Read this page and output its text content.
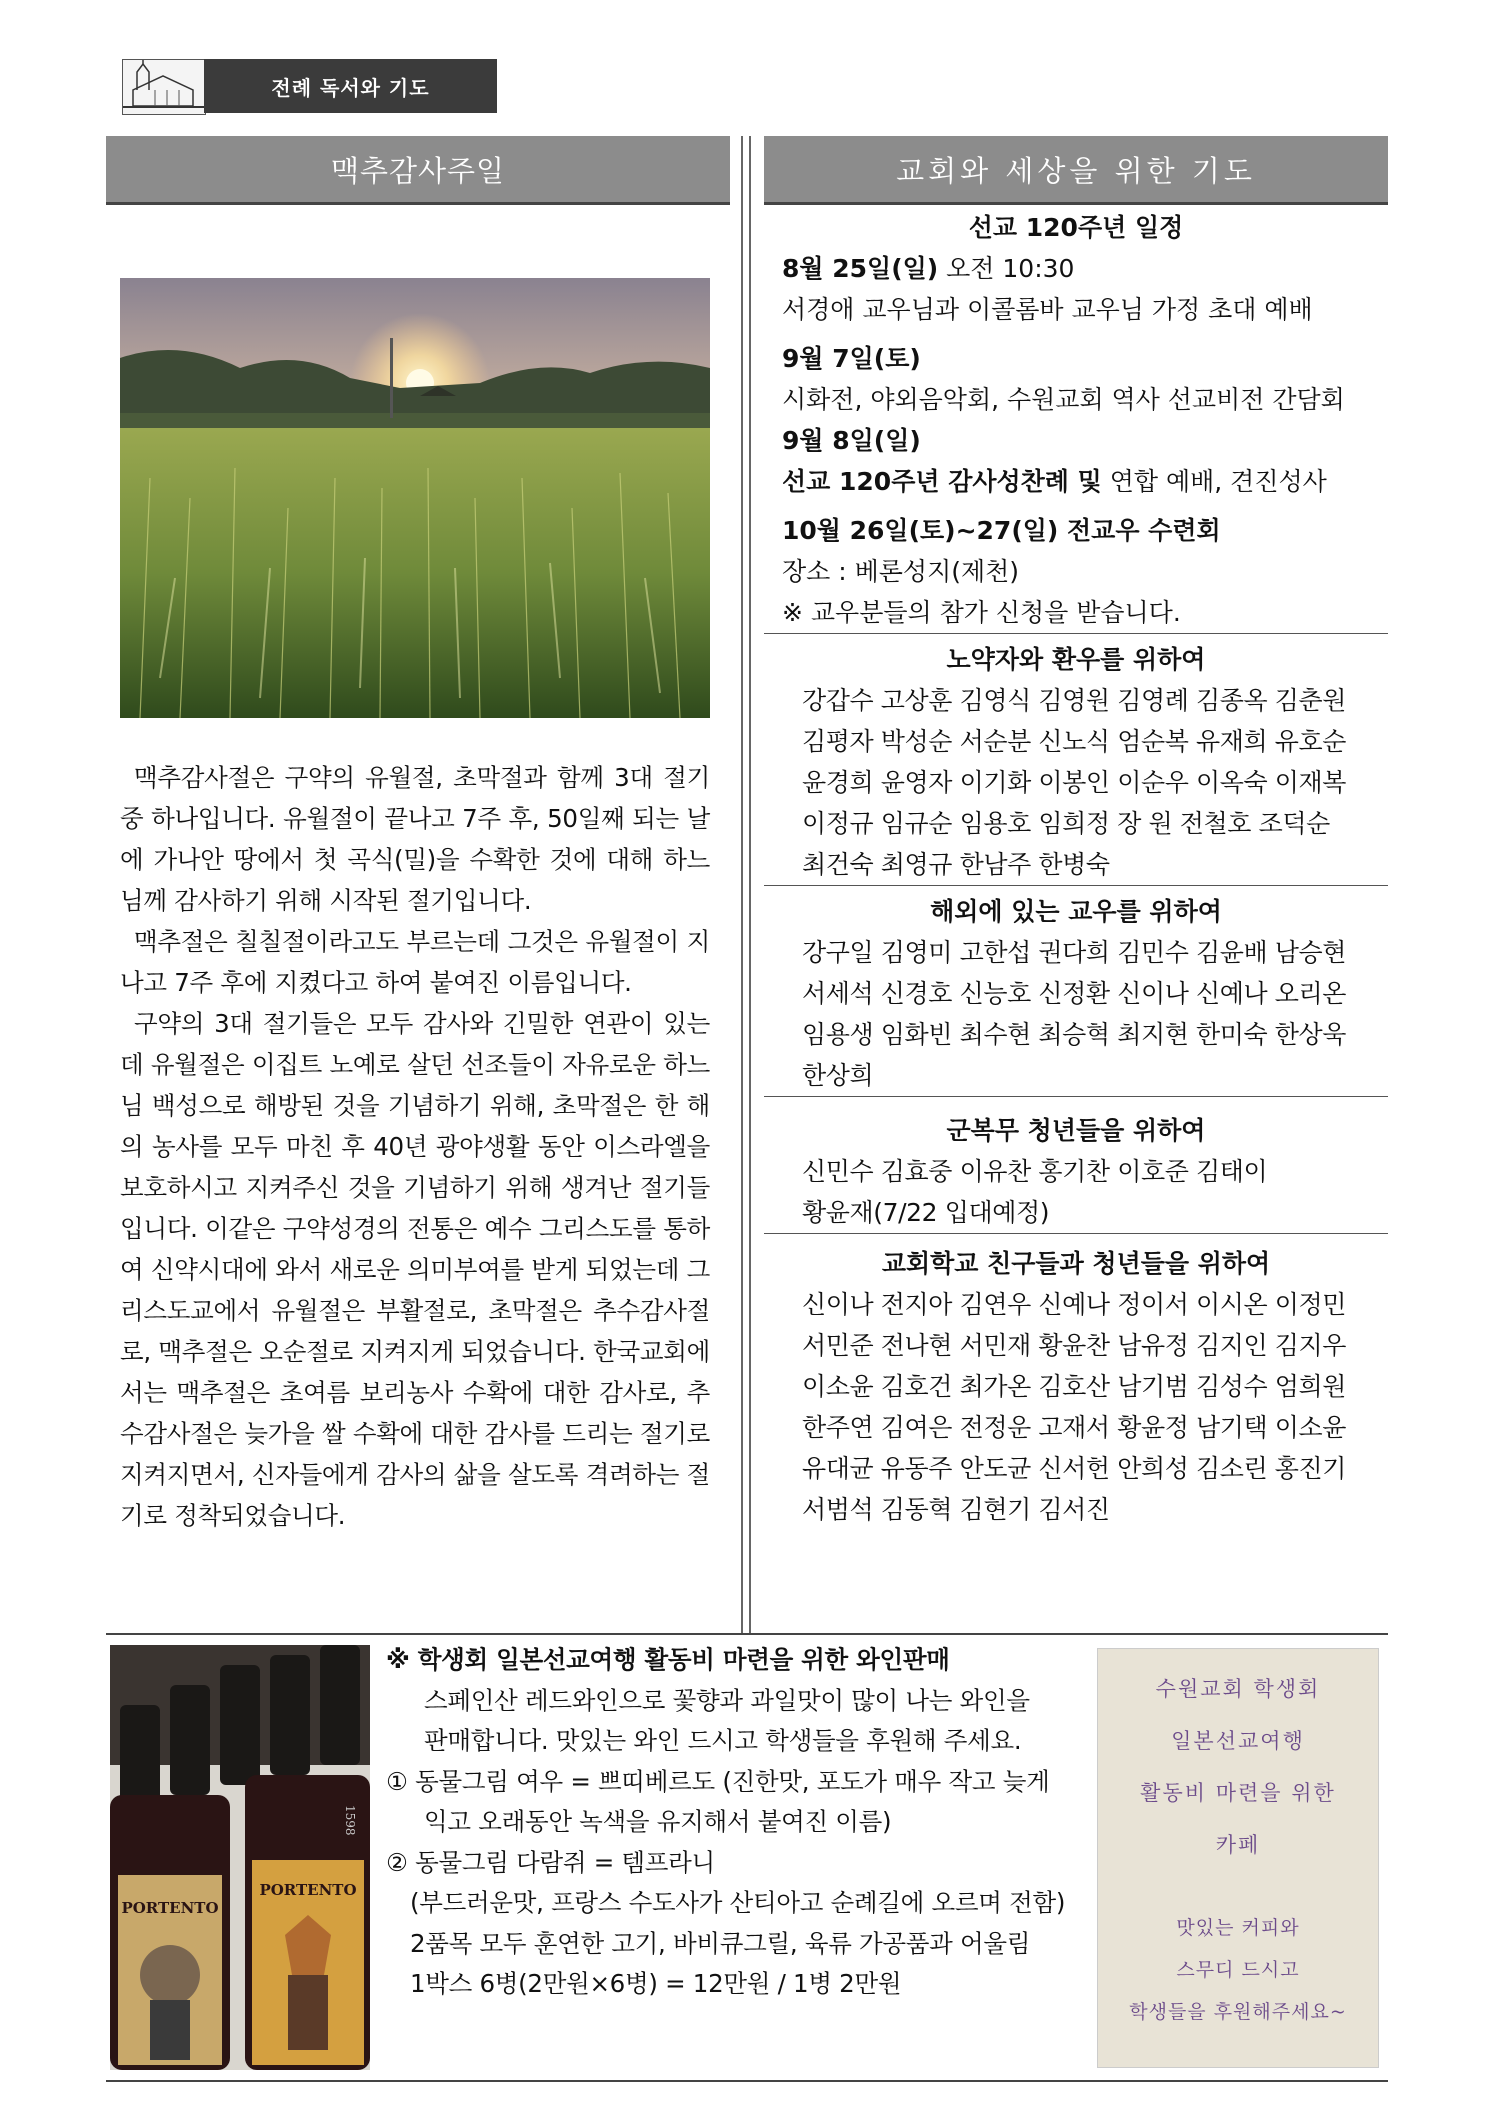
전례 독서와 기도
맥추감사주일	교회와 세상을 위한 기도

맥추감사절은 구약의 유월절, 초막절과 함께 3대 절기 중 하나입니다. 유월절이 끝나고 7주 후, 50일째 되는 날에 가나안 땅에서 첫 곡식(밀)을 수확한 것에 대해 하느님께 감사하기 위해 시작된 절기입니다.

맥추절은 칠칠절이라고도 부르는데 그것은 유월절이 지나고 7주 후에 지켰다고 하여 붙여진 이름입니다.

구약의 3대 절기들은 모두 감사와 긴밀한 연관이 있는데 유월절은 이집트 노예로 살던 선조들이 자유로운 하느님 백성으로 해방된 것을 기념하기 위해, 초막절은 한 해의 농사를 모두 마친 후 40년 광야생활 동안 이스라엘을 보호하시고 지켜주신 것을 기념하기 위해 생겨난 절기들입니다. 이같은 구약성경의 전통은 예수 그리스도를 통하여 신약시대에 와서 새로운 의미부여를 받게 되었는데 그리스도교에서 유월절은 부활절로, 초막절은 추수감사절로, 맥추절은 오순절로 지켜지게 되었습니다. 한국교회에서는 맥추절은 초여름 보리농사 수확에 대한 감사로, 추수감사절은 늦가을 쌀 수확에 대한 감사를 드리는 절기로 지켜지면서, 신자들에게 감사의 삶을 살도록 격려하는 절기로 정착되었습니다.

선교 120주년 일정
8월 25일(일) 오전 10:30
서경애 교우님과 이콜롬바 교우님 가정 초대 예배
9월 7일(토)
시화전, 야외음악회, 수원교회 역사 선교비전 간담회
9월 8일(일)
선교 120주년 감사성찬례 및 연합 예배, 견진성사
10월 26일(토)~27(일) 전교우 수련회
장소 : 베론성지(제천)
※ 교우분들의 참가 신청을 받습니다.
노약자와 환우를 위하여
강갑수 고상훈 김영식 김영원 김영례 김종옥 김춘원
김평자 박성순 서순분 신노식 엄순복 유재희 유호순
윤경희 윤영자 이기화 이봉인 이순우 이옥숙 이재복
이정규 임규순 임용호 임희정 장 원 전철호 조덕순
최건숙 최영규 한남주 한병숙
해외에 있는 교우를 위하여
강구일 김영미 고한섭 권다희 김민수 김윤배 남승현
서세석 신경호 신능호 신정환 신이나 신예나 오리온
임용생 임화빈 최수현 최승혁 최지현 한미숙 한상욱
한상희
군복무 청년들을 위하여
신민수 김효중 이유찬 홍기찬 이호준 김태이
황윤재(7/22 입대예정)
교회학교 친구들과 청년들을 위하여
신이나 전지아 김연우 신예나 정이서 이시온 이정민
서민준 전나현 서민재 황윤찬 남유정 김지인 김지우
이소윤 김호건 최가온 김호산 남기범 김성수 엄희원
한주연 김여은 전정운 고재서 황윤정 남기택 이소윤
유대균 유동주 안도균 신서헌 안희성 김소린 홍진기
서범석 김동혁 김현기 김서진
PORTENTO
PORTENTO
1598
※ 학생회 일본선교여행 활동비 마련을 위한 와인판매
스페인산 레드와인으로 꽃향과 과일맛이 많이 나는 와인을
판매합니다. 맛있는 와인 드시고 학생들을 후원해 주세요.
① 동물그림 여우 = 쁘띠베르도 (진한맛, 포도가 매우 작고 늦게
익고 오래동안 녹색을 유지해서 붙여진 이름)
② 동물그림 다람쥐 = 템프라니
(부드러운맛, 프랑스 수도사가 산티아고 순례길에 오르며 전함)
2품목 모두 훈연한 고기, 바비큐그릴, 육류 가공품과 어울림
1박스 6병(2만원×6병) = 12만원 / 1병 2만원
수원교회 학생회
일본선교여행
활동비 마련을 위한
카페
맛있는 커피와
스무디 드시고
학생들을 후원해주세요~
